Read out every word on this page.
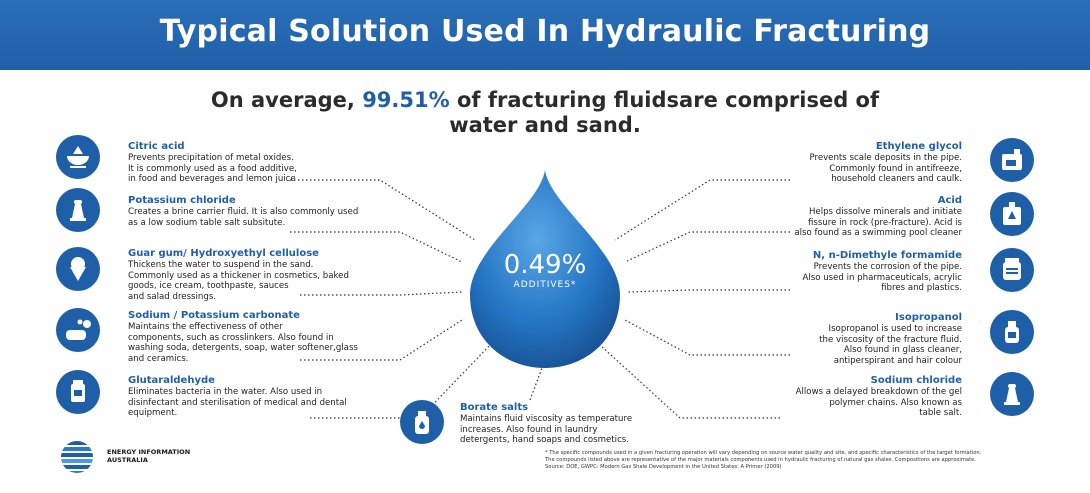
Typical Solution Used In Hydraulic Fracturing
On average, 99.51% of fracturing fluidsare comprised of
water and sand.
0.49%
ADDITIVES*
Citric acid
Prevents precipitation of metal oxides.
It is commonly used as a food additive,
in food and beverages and lemon juice
Potassium chloride
Creates a brine carrier fluid. It is also commonly used
as a low sodium table salt subsitute.
Guar gum/ Hydroxyethyl cellulose
Thickens the water to suspend in the sand.
Commonly used as a thickener in cosmetics, baked
goods, ice cream, toothpaste, sauces
and salad dressings.
Sodium / Potassium carbonate
Maintains the effectiveness of other
components, such as crosslinkers. Also found in
washing soda, detergents, soap, water softener,glass
and ceramics.
Glutaraldehyde
Eliminates bacteria in the water. Also used in
disinfectant and sterilisation of medical and dental
equipment.
Ethylene glycol
Prevents scale deposits in the pipe.
Commonly found in antifreeze,
household cleaners and caulk.
Acid
Helps dissolve minerals and initiate
fissure in rock (pre-fracture). Acid is
also found as a swimming pool cleaner
N, n-Dimethyle formamide
Prevents the corrosion of the pipe.
Also used in pharmaceuticals, acrylic
fibres and plastics.
Isopropanol
Isopropanol is used to increase
the viscosity of the fracture fluid.
Also found in glass cleaner,
antiperspirant and hair colour
Sodium chloride
Allows a delayed breakdown of the gel
polymer chains. Also known as
table salt.
Borate salts
Maintains fluid viscosity as temperature
increases. Also found in laundry
detergents, hand soaps and cosmetics.
ENERGY INFORMATION
AUSTRALIA
* The specific compounds used in a given fracturing operation will vary depending on source water quality and site, and specific characteristics of the target formation.
The compounds listed above are representative of the major materials components used in hydraulic fracturing of natural gas shales. Compositions are approximate.
Source: DOE, GWPC: Modern Gas Shale Development in the United States: A Primer (2009)
